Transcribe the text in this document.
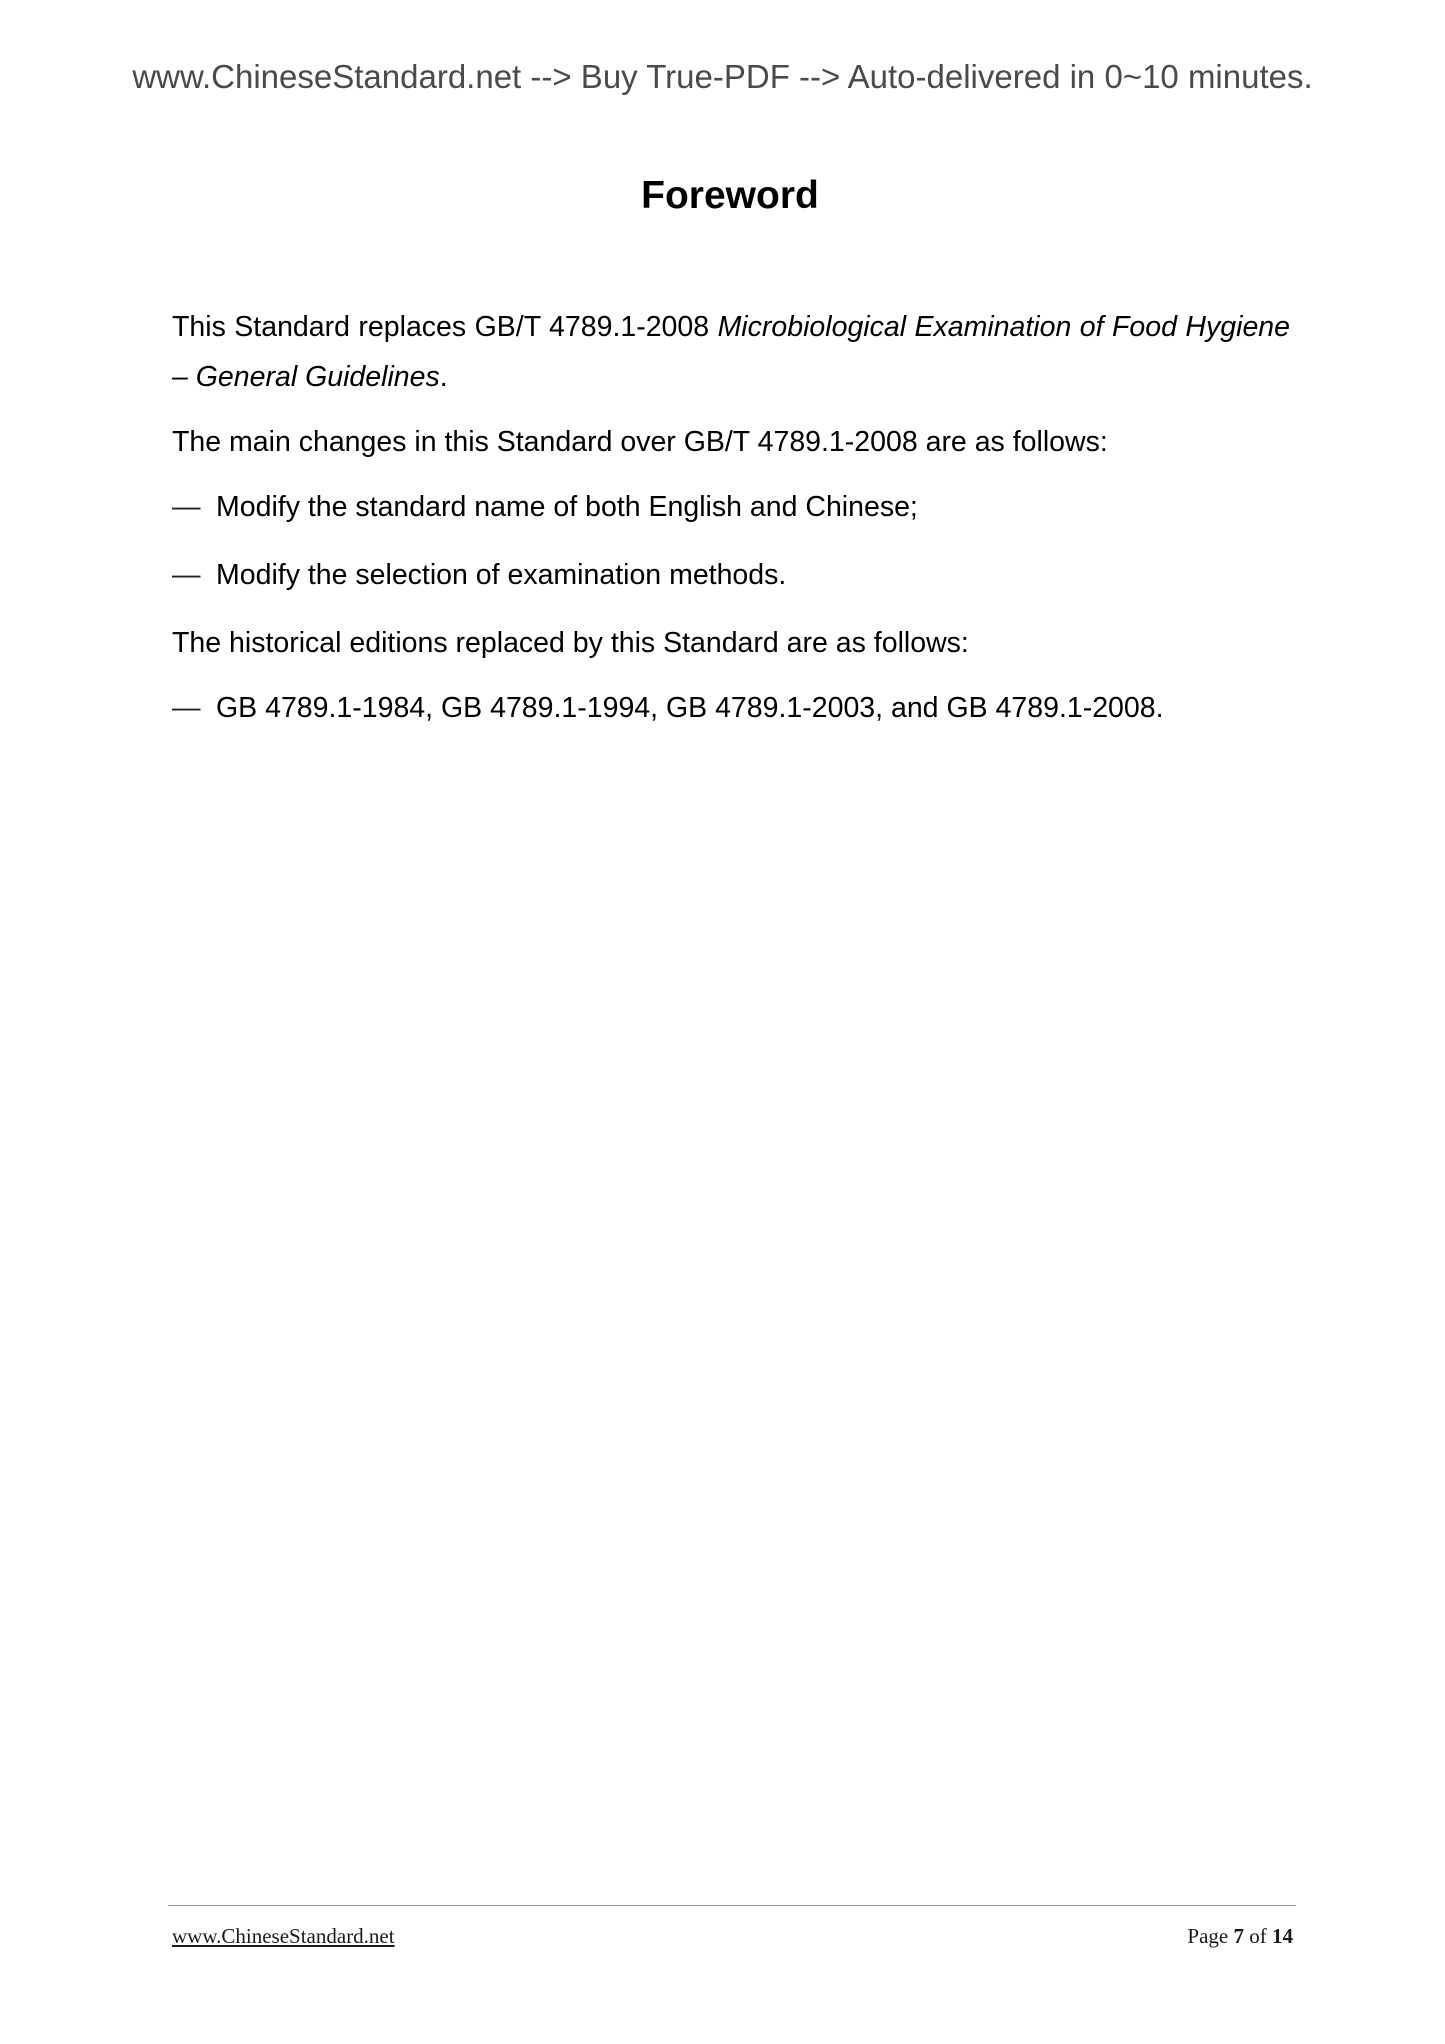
www.ChineseStandard.net --> Buy True-PDF --> Auto-delivered in 0~10 minutes.
Foreword

This Standard replaces GB/T 4789.1-2008 Microbiological Examination of Food Hygiene – General Guidelines.

The main changes in this Standard over GB/T 4789.1-2008 are as follows:

— Modify the standard name of both English and Chinese;
— Modify the selection of examination methods.

The historical editions replaced by this Standard are as follows:

— GB 4789.1-1984, GB 4789.1-1994, GB 4789.1-2003, and GB 4789.1-2008.
www.ChineseStandard.net	Page 7 of 14
